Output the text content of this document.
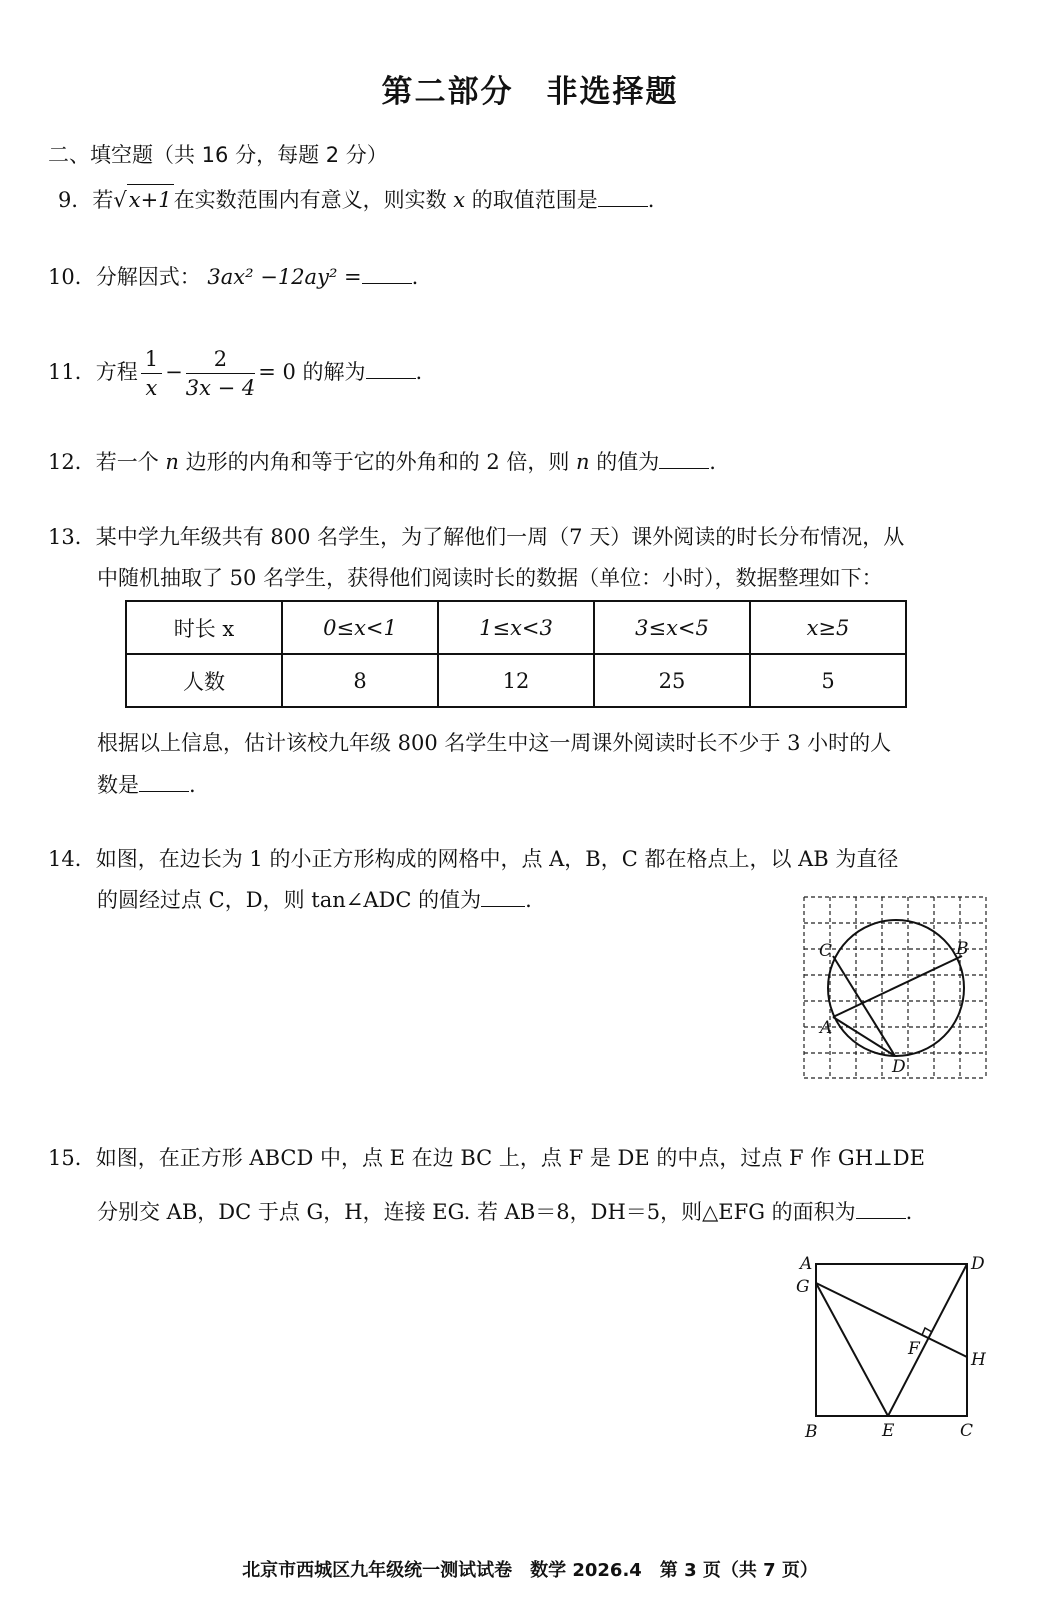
第二部分　非选择题
二、填空题（共 16 分，每题 2 分）
9．若√x+1在实数范围内有意义，则实数 x 的取值范围是 .
10．分解因式： 3ax² −12ay² = .
11．方程 $\frac{1}{x} - \frac{2}{3x - 4} = 0$ 的解为 .
12．若一个 n 边形的内角和等于它的外角和的 2 倍，则 n 的值为 .
13．某中学九年级共有 800 名学生，为了解他们一周（7 天）课外阅读的时长分布情况，从
中随机抽取了 50 名学生，获得他们阅读时长的数据（单位：小时），数据整理如下：
时长 x	0≤x<1	1≤x<3	3≤x<5	x≥5
人数	8	12	25	5
根据以上信息，估计该校九年级 800 名学生中这一周课外阅读时长不少于 3 小时的人
数是 .
14．如图，在边长为 1 的小正方形构成的网格中，点 A，B，C 都在格点上，以 AB 为直径
的圆经过点 C，D，则 tan∠ADC 的值为 .
C	B
A
D
15．如图，在正方形 ABCD 中，点 E 在边 BC 上，点 F 是 DE 的中点，过点 F 作 GH⊥DE
分别交 AB，DC 于点 G，H，连接 EG. 若 AB＝8，DH＝5，则△EFG 的面积为 .
A
G
D
F
H
B	E	C
北京市西城区九年级统一测试试卷　数学 2026.4　第 3 页（共 7 页）
